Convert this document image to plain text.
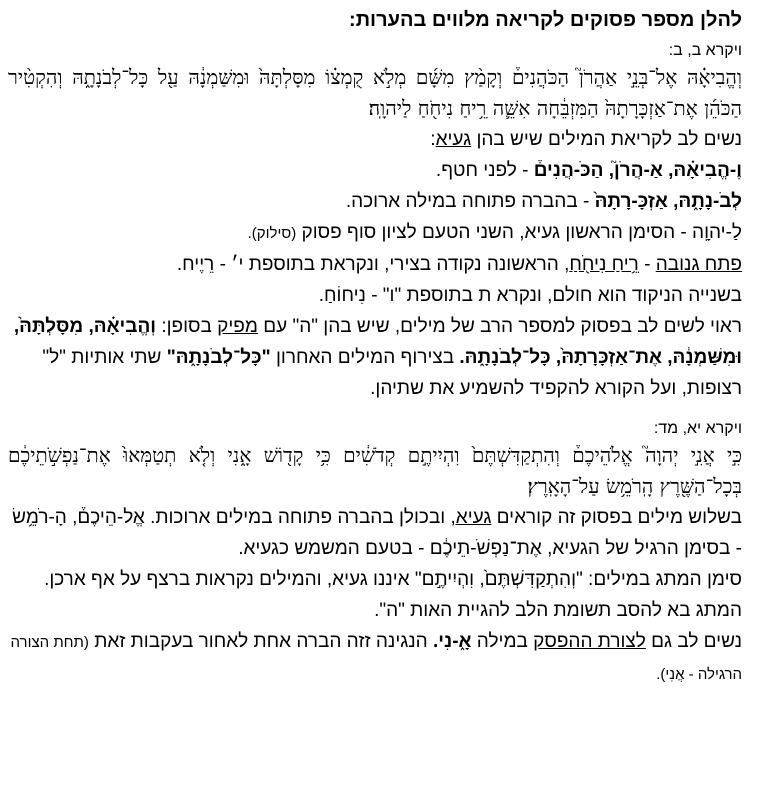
להלן מספר פסוקים לקריאה מלווים בהערות:
ויקרא ב, ב:

וְהֱבִיאָ֗הּ אֶל־בְּנֵ֣י אַהֲרֹן֮ הַכֹּהֲנִים֒ וְקָמַ֨ץ מִשָּׁ֜ם מְלֹ֣א קֻמְצ֗וֹ מִסָּלְתָּהּ֙ וּמִשַּׁמְנָ֔הּ עַ֖ל כָּל־לְבֹנָתָ֑הּ וְהִקְטִ֨יר הַכֹּהֵ֜ן אֶת־אַזְכָּרָתָהּ֙ הַמִּזְבֵּ֔חָה אִשֵּׁ֛ה רֵ֥יחַ נִיחֹ֖חַ לַיהוָֽה׃

נשים לב לקריאת המילים שיש בהן געיא:

וֶ-הֱבִיאָ֗הּ, אַ-הֲרֹן֮, הַכֹּ-הֲנִים֒ - לפני חטף.

לְבֹ-נָתָ֑הּ, אַזְכָּ-רָתָהּ֙ - בהברה פתוחה במילה ארוכה.

לַ-יהוָֽה - הסימן הראשון געיא, השני הטעם לציון סוף פסוק (סילוק).

פתח גנובה - רֵ֥יחַ נִיחֹ֖חַ, הראשונה נקודה בצירי, ונקראת בתוספת י׳ - רֵיֶיח.

בשנייה הניקוד הוא חולם, ונקרא ת בתוספת "ו" - נִיחוֹחַ.

ראוי לשים לב בפסוק למספר הרב של מילים, שיש בהן "ה" עם מפיק בסופן: וְהֱבִיאָ֗הּ, מִסָּלְתָּהּ֙, וּמִשַּׁמְנָ֔הּ, אֶת־אַזְכָּרָתָהּ֙, כָּל־לְבֹנָתָ֑הּ. בצירוף המילים האחרון "כָּל־לְבֹנָתָ֑הּ" שתי אותיות "ל" רצופות, ועל הקורא להקפיד להשמיע את שתיהן.

ויקרא יא, מד:

כִּ֣י אֲנִ֣י יְהוָה֮ אֱלֹהֵיכֶם֒ וְהִתְקַדִּשְׁתֶּם֙ וִהְיִיתֶ֣ם קְדֹשִׁ֔ים כִּ֥י קָד֖וֹשׁ אָ֑נִי וְלֹ֤א תְטַמְּאוּ֙ אֶת־נַפְשֹׁ֣תֵיכֶ֔ם בְּכָל־הַשֶּׁ֖רֶץ הָֽרֹמֵ֥שׂ עַל־הָאָֽרֶץ׃

בשלוש מילים בפסוק זה קוראים געיא, ובכולן בהברה פתוחה במילים ארוכות. אֱל-הֵיכֶם֒, הָ-רֹמֵ֥שׂ - בסימן הרגיל של הגעיא, אֶת־נַפְשֹׁ-תֵיכֶ֔ם - בטעם המשמש כגעיא.

סימן המתג במילים: "וְהִתְקַדִּשְׁתֶּם֙, וִהְיִיתֶ֣ם" איננו געיא, והמילים נקראות ברצף על אף ארכן. המתג בא להסב תשומת הלב להגיית האות "ה".

נשים לב גם לצורת ההפסק במילה אָ֑-נִי. הנגינה זזה הברה אחת לאחור בעקבות זאת (תחת הצורה הרגילה - אֲנִי).
